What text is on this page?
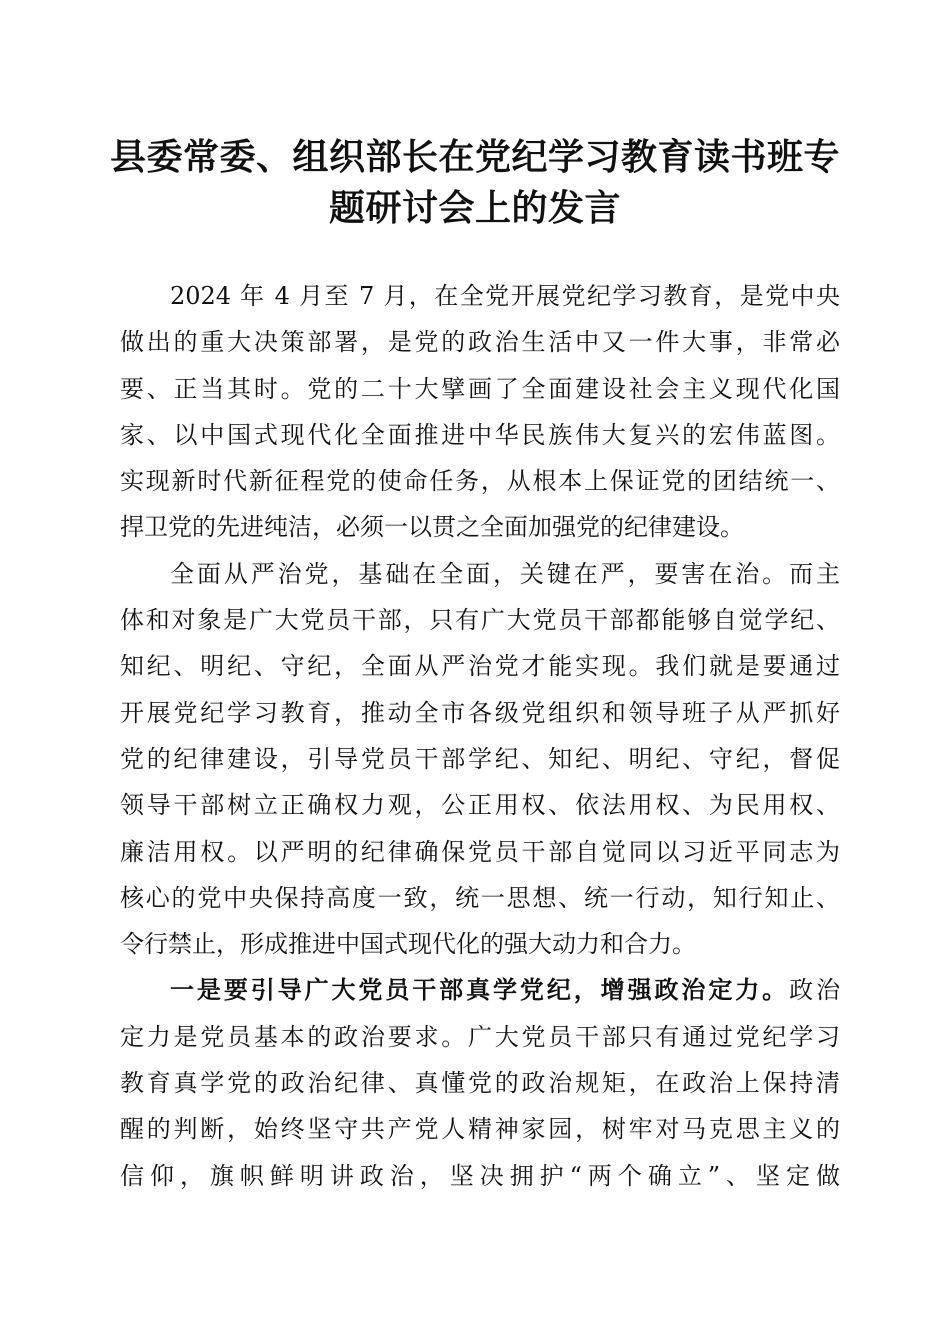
县委常委、组织部长在党纪学习教育读书班专
题研讨会上的发言

2024 年 4 月至 7 月，在全党开展党纪学习教育，是党中央
做出的重大决策部署，是党的政治生活中又一件大事，非常必
要、正当其时。党的二十大擘画了全面建设社会主义现代化国
家、以中国式现代化全面推进中华民族伟大复兴的宏伟蓝图。
实现新时代新征程党的使命任务，从根本上保证党的团结统一、
捍卫党的先进纯洁，必须一以贯之全面加强党的纪律建设。

全面从严治党，基础在全面，关键在严，要害在治。而主
体和对象是广大党员干部，只有广大党员干部都能够自觉学纪、
知纪、明纪、守纪，全面从严治党才能实现。我们就是要通过
开展党纪学习教育，推动全市各级党组织和领导班子从严抓好
党的纪律建设，引导党员干部学纪、知纪、明纪、守纪，督促
领导干部树立正确权力观，公正用权、依法用权、为民用权、
廉洁用权。以严明的纪律确保党员干部自觉同以习近平同志为
核心的党中央保持高度一致，统一思想、统一行动，知行知止、
令行禁止，形成推进中国式现代化的强大动力和合力。

一是要引导广大党员干部真学党纪，增强政治定力。政治
定力是党员基本的政治要求。广大党员干部只有通过党纪学习
教育真学党的政治纪律、真懂党的政治规矩，在政治上保持清
醒的判断，始终坚守共产党人精神家园，树牢对马克思主义的
信仰，旗帜鲜明讲政治，坚决拥护“两个确立”、坚定做
